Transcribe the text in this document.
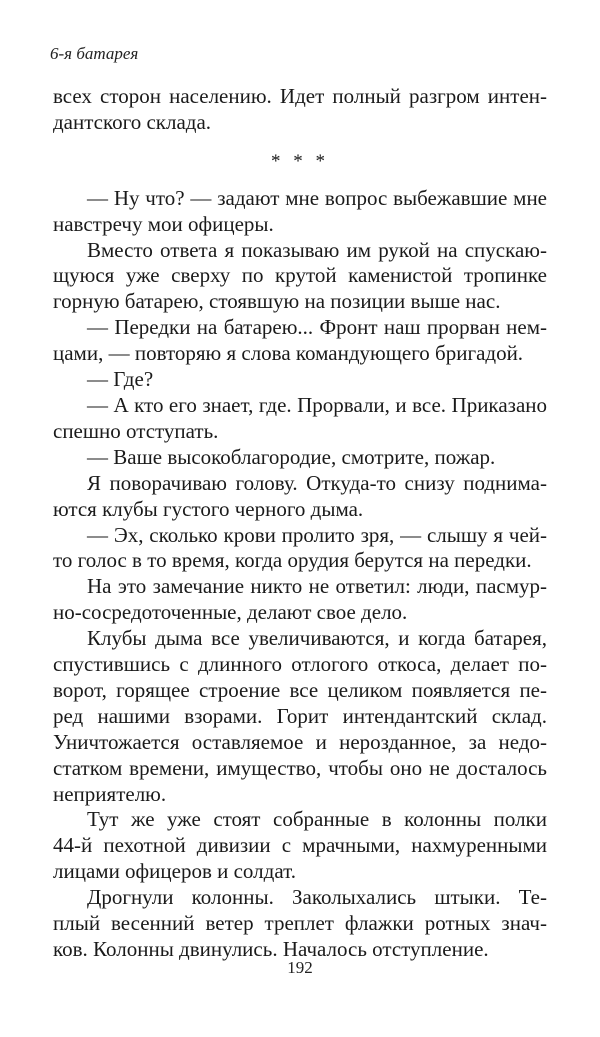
6-я батарея

всех сторон населению. Идет полный разгром интен-

дантского склада.

* * *

— Ну что? — задают мне вопрос выбежавшие мне

навстречу мои офицеры.

Вместо ответа я показываю им рукой на спускаю-

щуюся уже сверху по крутой каменистой тропинке

горную батарею, стоявшую на позиции выше нас.

— Передки на батарею... Фронт наш прорван нем-

цами, — повторяю я слова командующего бригадой.

— Где?

— А кто его знает, где. Прорвали, и все. Приказано

спешно отступать.

— Ваше высокоблагородие, смотрите, пожар.

Я поворачиваю голову. Откуда-то снизу поднима-

ются клубы густого черного дыма.

— Эх, сколько крови пролито зря, — слышу я чей-

то голос в то время, когда орудия берутся на передки.

На это замечание никто не ответил: люди, пасмур-

но-сосредоточенные, делают свое дело.

Клубы дыма все увеличиваются, и когда батарея,

спустившись с длинного отлогого откоса, делает по-

ворот, горящее строение все целиком появляется пе-

ред нашими взорами. Горит интендантский склад.

Уничтожается оставляемое и нерозданное, за недо-

статком времени, имущество, чтобы оно не досталось

неприятелю.

Тут же уже стоят собранные в колонны полки

44-й пехотной дивизии с мрачными, нахмуренными

лицами офицеров и солдат.

Дрогнули колонны. Заколыхались штыки. Те-

плый весенний ветер треплет флажки ротных знач-

ков. Колонны двинулись. Началось отступление.

192
